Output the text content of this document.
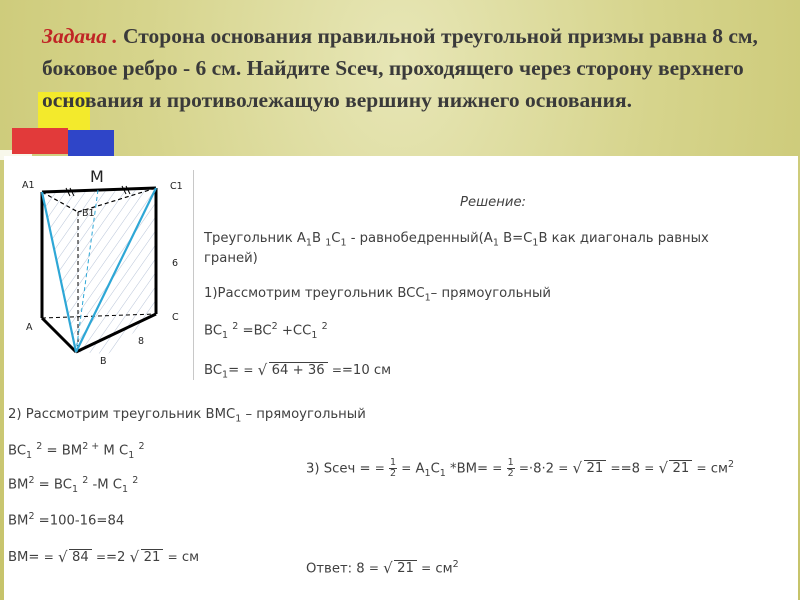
Задача . Сторона основания правильной треугольной призмы равна 8 см, боковое ребро - 6 см. Найдите Sсеч, проходящего через сторону верхнего основания и противолежащую вершину нижнего основания.
A1	M
C1
B1
A
B
C
6
8
Решение:
Треугольник $A_1B$ $_1C_1$ - $равнобедренный(A_1$ $B=C_1B$ как диагональ равных
граней)
1)Рассмотрим треугольник $BCC_1-$ прямоугольный
$BC_1$ $^2 =BC^2 +CC_1$ $^2$
$BC_1=$ = √ 64 + 36 ==10 см
2) Рассмотрим треугольник $BMC_1$ – прямоугольный
$BC_1$ $^2 = BM^{2 +}$ M $C_1$ $^2$
$BM^2 = BC_1$ $^2$ -M $C_1$ $^2$
$BM^2 =100-16=84$
BM= = √ 84 ==2 √ 21 = см
3) Sсеч = = $\frac{1}{2} = A_1C_1$ $*BM= = \frac{1}{2} =\cdot 8\cdot 2$ = √ 21 ==8 = √ $21 = см^2$
Ответ: 8 = √ $21 = см^2$
